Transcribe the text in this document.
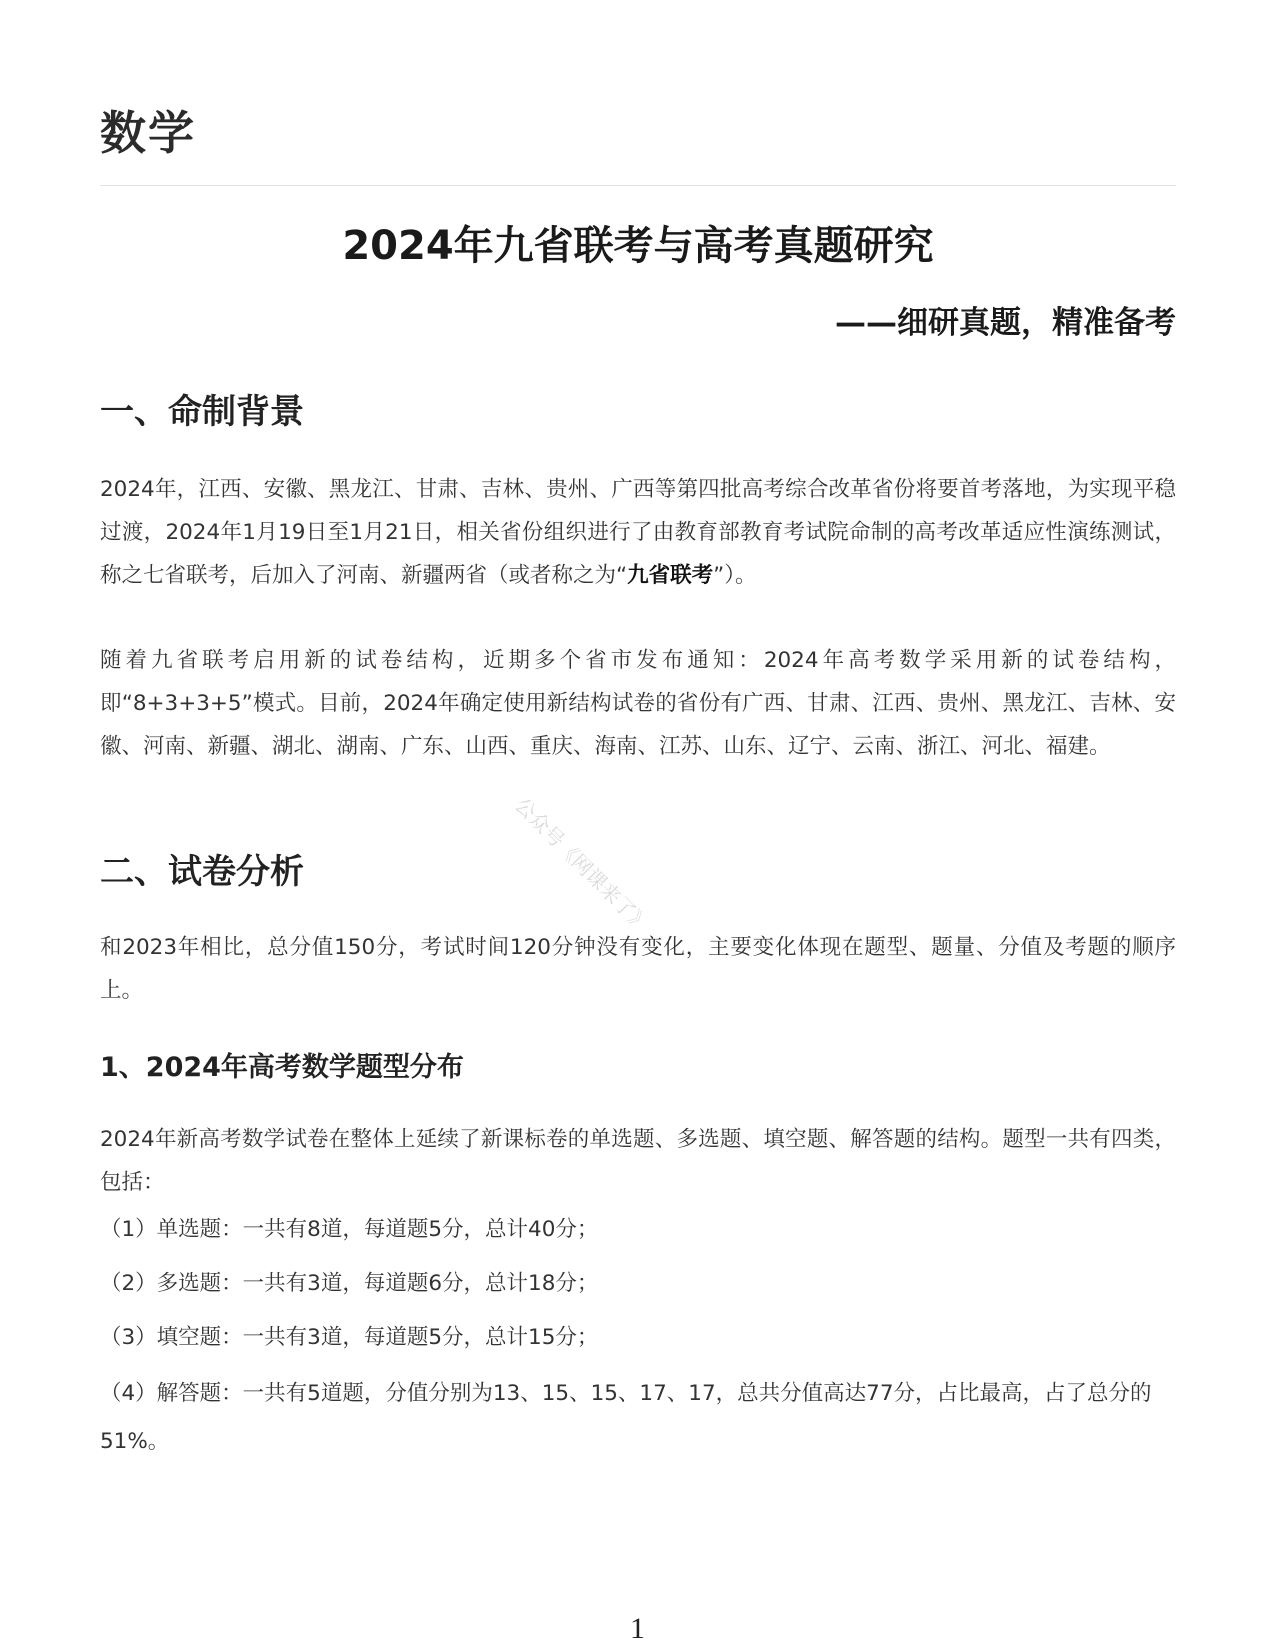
数学
2024年九省联考与高考真题研究
——细研真题，精准备考
一、命制背景

2024年，江西、安徽、黑龙江、甘肃、吉林、贵州、广西等第四批高考综合改革省份将要首考落地，为实现平稳过渡，2024年1月19日至1月21日，相关省份组织进行了由教育部教育考试院命制的高考改革适应性演练测试，称之七省联考，后加入了河南、新疆两省（或者称之为“九省联考”）。

随着九省联考启用新的试卷结构，近期多个省市发布通知：2024年高考数学采用新的试卷结构，即“8+3+3+5”模式。目前，2024年确定使用新结构试卷的省份有广西、甘肃、江西、贵州、黑龙江、吉林、安徽、河南、新疆、湖北、湖南、广东、山西、重庆、海南、江苏、山东、辽宁、云南、浙江、河北、福建。

二、试卷分析

和2023年相比，总分值150分，考试时间120分钟没有变化，主要变化体现在题型、题量、分值及考题的顺序上。

1、2024年高考数学题型分布

2024年新高考数学试卷在整体上延续了新课标卷的单选题、多选题、填空题、解答题的结构。题型一共有四类，包括：

（1）单选题：一共有8道，每道题5分，总计40分；

（2）多选题：一共有3道，每道题6分，总计18分；

（3）填空题：一共有3道，每道题5分，总计15分；

（4）解答题：一共有5道题，分值分别为13、15、15、17、17，总共分值高达77分，占比最高，占了总分的51%。

公众号《网课来了》
1
